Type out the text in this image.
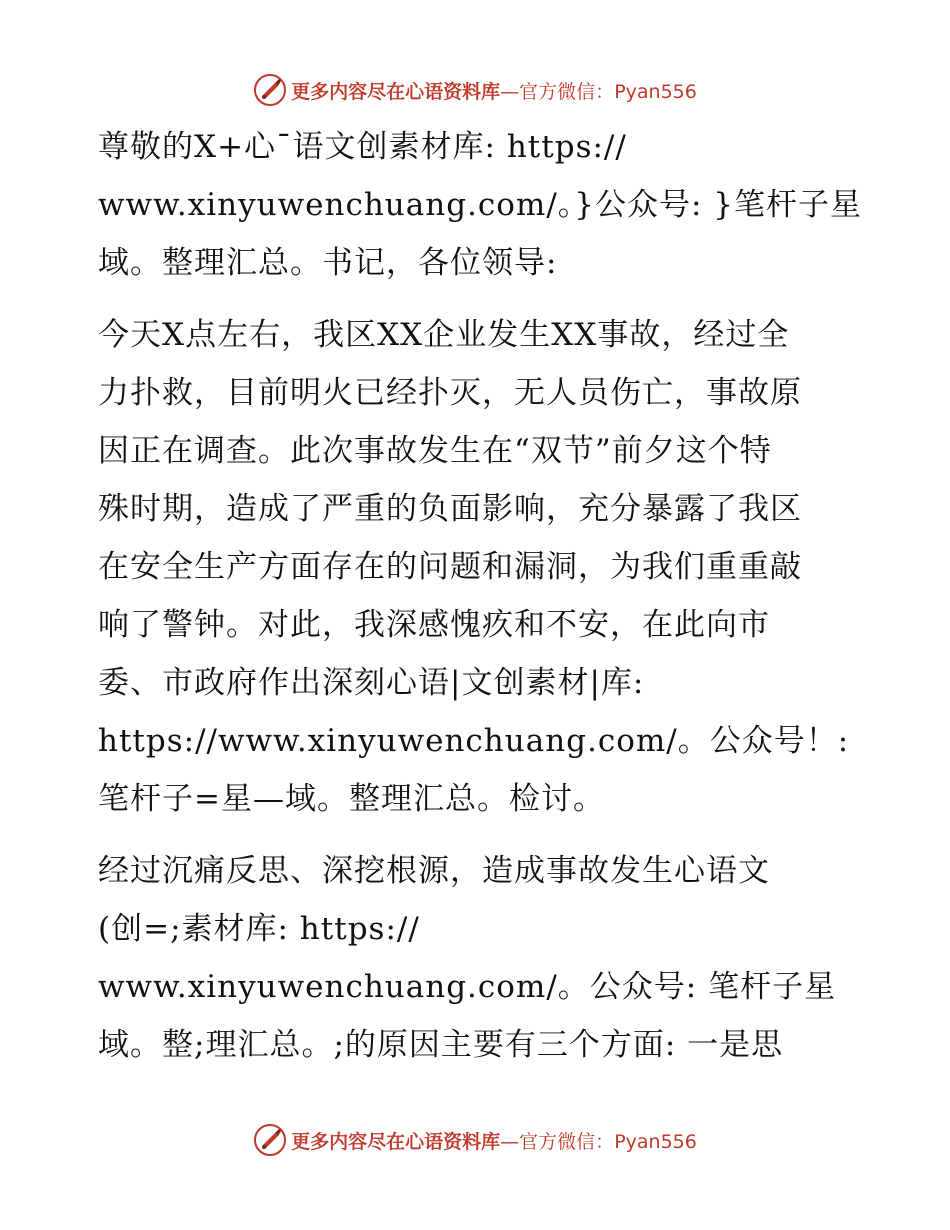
更多内容尽在心语资料库—官方微信：Pyan556
尊敬的X+心¯语文创素材库: https://
www.xinyuwenchuang.com/。}公众号: }笔杆子星
域。整理汇总。书记，各位领导:
今天X点左右，我区XX企业发生XX事故，经过全
力扑救，目前明火已经扑灭，无人员伤亡，事故原
因正在调查。此次事故发生在“双节”前夕这个特
殊时期，造成了严重的负面影响，充分暴露了我区
在安全生产方面存在的问题和漏洞，为我们重重敲
响了警钟。对此，我深感愧疚和不安，在此向市
委、市政府作出深刻心语|文创素材|库:
https://www.xinyuwenchuang.com/。公众号！:
笔杆子=星—域。整理汇总。检讨。
经过沉痛反思、深挖根源，造成事故发生心语文
(创=;素材库: https://
www.xinyuwenchuang.com/。公众号: 笔杆子星
域。整;理汇总。;的原因主要有三个方面: 一是思
更多内容尽在心语资料库—官方微信：Pyan556
